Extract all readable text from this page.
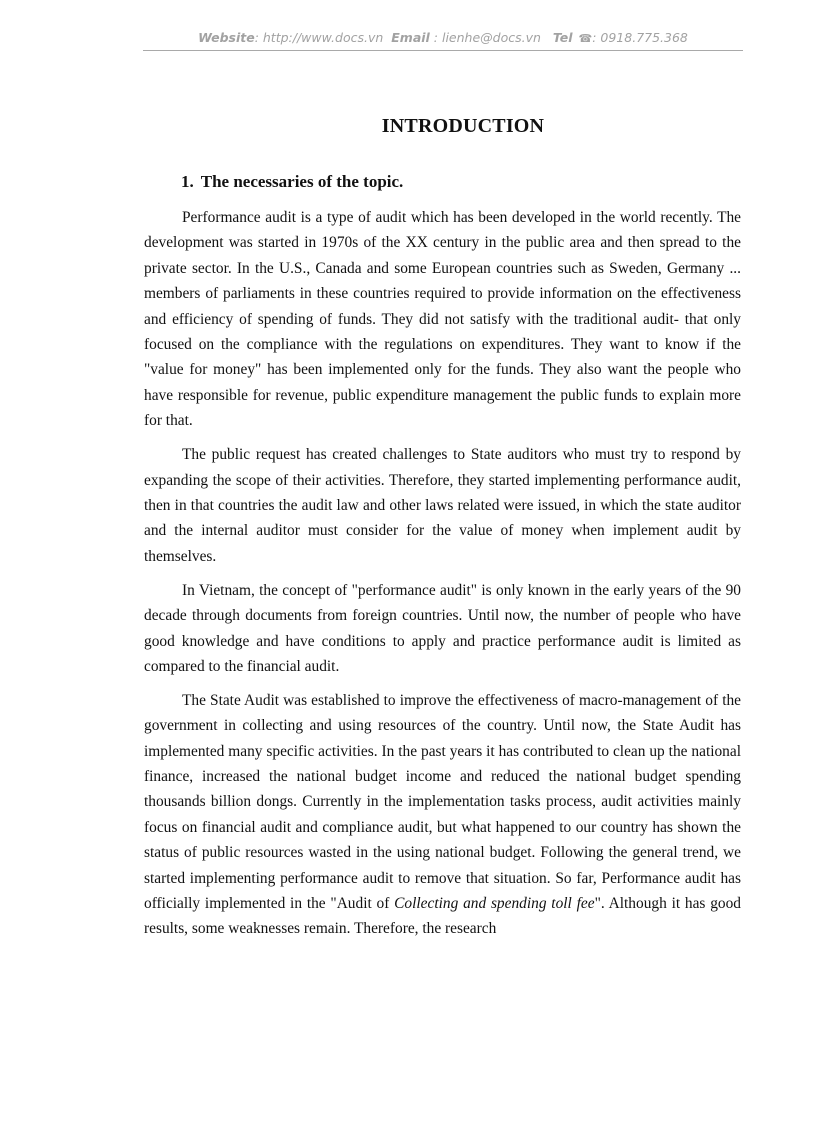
Website: http://www.docs.vn Email : lienhe@docs.vn Tel ☎: 0918.775.368
INTRODUCTION
1. The necessaries of the topic.

Performance audit is a type of audit which has been developed in the world recently. The development was started in 1970s of the XX century in the public area and then spread to the private sector. In the U.S., Canada and some European countries such as Sweden, Germany ... members of parliaments in these countries required to provide information on the effectiveness and efficiency of spending of funds. They did not satisfy with the traditional audit- that only focused on the compliance with the regulations on expenditures. They want to know if the "value for money" has been implemented only for the funds. They also want the people who have responsible for revenue, public expenditure management the public funds to explain more for that.

The public request has created challenges to State auditors who must try to respond by expanding the scope of their activities. Therefore, they started implementing performance audit, then in that countries the audit law and other laws related were issued, in which the state auditor and the internal auditor must consider for the value of money when implement audit by themselves.

In Vietnam, the concept of "performance audit" is only known in the early years of the 90 decade through documents from foreign countries. Until now, the number of people who have good knowledge and have conditions to apply and practice performance audit is limited as compared to the financial audit.

The State Audit was established to improve the effectiveness of macro-management of the government in collecting and using resources of the country. Until now, the State Audit has implemented many specific activities. In the past years it has contributed to clean up the national finance, increased the national budget income and reduced the national budget spending thousands billion dongs. Currently in the implementation tasks process, audit activities mainly focus on financial audit and compliance audit, but what happened to our country has shown the status of public resources wasted in the using national budget. Following the general trend, we started implementing performance audit to remove that situation. So far, Performance audit has officially implemented in the "Audit of Collecting and spending toll fee". Although it has good results, some weaknesses remain. Therefore, the research
